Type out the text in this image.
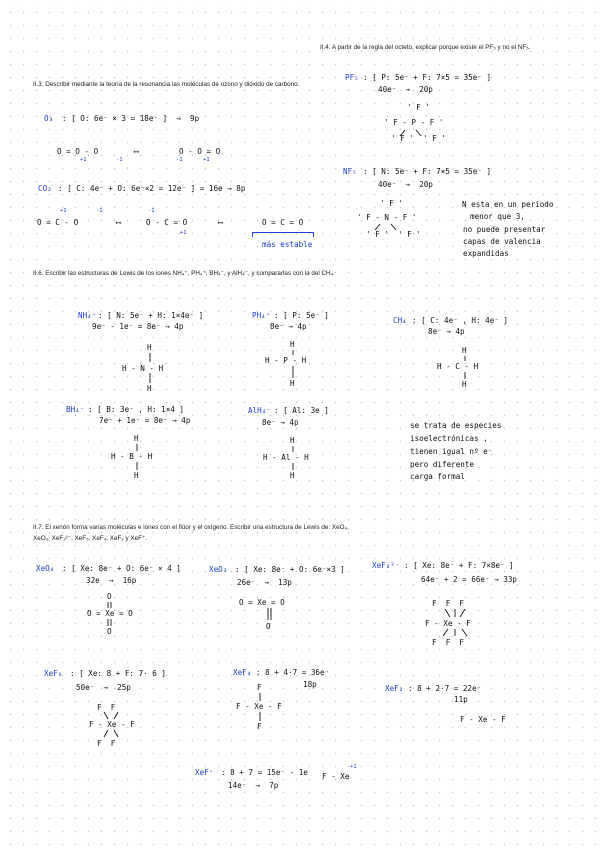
II.4. A partir de la regla del octeto, explicar porque existe el PF₅ y no el NF₅.
PF₅ : [ P: 5e⁻ + F: 7×5 = 35e⁻ ]
40e⁻  →  20p
' F '
' F - P - F '
' F '  ' F '
NF₅ : [ N: 5e⁻ + F: 7×5 = 35e⁻ ]
40e⁻  →  20p
' F '
' F - N - F '
' F '  ' F '
N esta en un periodo
menor que 3,
no puede presentar
capas de valencia
expandidas
II.3. Describir mediante la teoría de la resonancia las moléculas de ozono y dióxido de carbono.
O₃ : [ O: 6e⁻ × 3 = 18e⁻ ]  →  9p
O = O - O	⟷	O - O = O
+1	-1	-1	+1
CO₂ : [ C: 4e⁻ + O: 6e⁻×2 = 12e⁻ ] = 16e → 8p
O = C - O	⟷	O - C = O	⟷	O = C = O
+1	-1	-1
+1
más estable
II.6. Escribir las estructuras de Lewis de los iones NH₄⁺, PH₄⁺, BH₄⁻, y AlH₄⁻, y compararlas con la del CH₄.
NH₄⁺ : [ N: 5e⁻ + H: 1×4e⁻ ]
9e⁻ - 1e⁻ = 8e⁻ → 4p
H
H - N - H
H
PH₄⁺ : [ P: 5e⁻ ]
8e⁻ → 4p
H
H - P - H
H
CH₄ : [ C: 4e⁻ , H: 4e⁻ ]
8e⁻ → 4p
H
H - C - H
H
BH₄⁻ : [ B: 3e⁻ , H: 1×4 ]
7e⁻ + 1e⁻ = 8e⁻ → 4p
H
H - B - H
H
AlH₄⁻ : [ Al: 3e ]
8e⁻ → 4p
H
H - Al - H
H
se trata de especies
isoelectrónicas ,
tienen igual nº e⁻
pero diferente
carga formal
II.7. El xenón forma varias moléculas e iones con el flúor y el oxígeno. Escribir una estructura de Lewis de: XeO₄, XeO₃, XeF₂²⁻, XeF₆, XeF₄, XeF₂ y XeF⁺.
XeO₄ : [ Xe: 8e⁻ + O: 6e⁻ × 4 ]
32e  →  16p
O
O = Xe = O
O
XeO₃ : [ Xe: 8e⁻ + O: 6e⁻×3 ]
26e⁻  →  13p
O = Xe = O
O
XeF₈²⁻ : [ Xe: 8e⁻ + F: 7×8e⁻ ]
64e⁻ + 2 = 66e⁻ → 33p
F  F  F
F - Xe - F
F  F  F
XeF₆ : [ Xe: 8 + F: 7· 6 ]
50e⁻  →  25p
F  F
F - Xe - F
F  F
XeF₄ : 8 + 4·7 = 36e⁻
18p
F
F - Xe - F
F
XeF₂ : 8 + 2·7 = 22e⁻
11p
F - Xe - F
XeF⁺ : 8 + 7 = 15e⁻ - 1e
14e⁻  →  7p
F - Xe
+1
